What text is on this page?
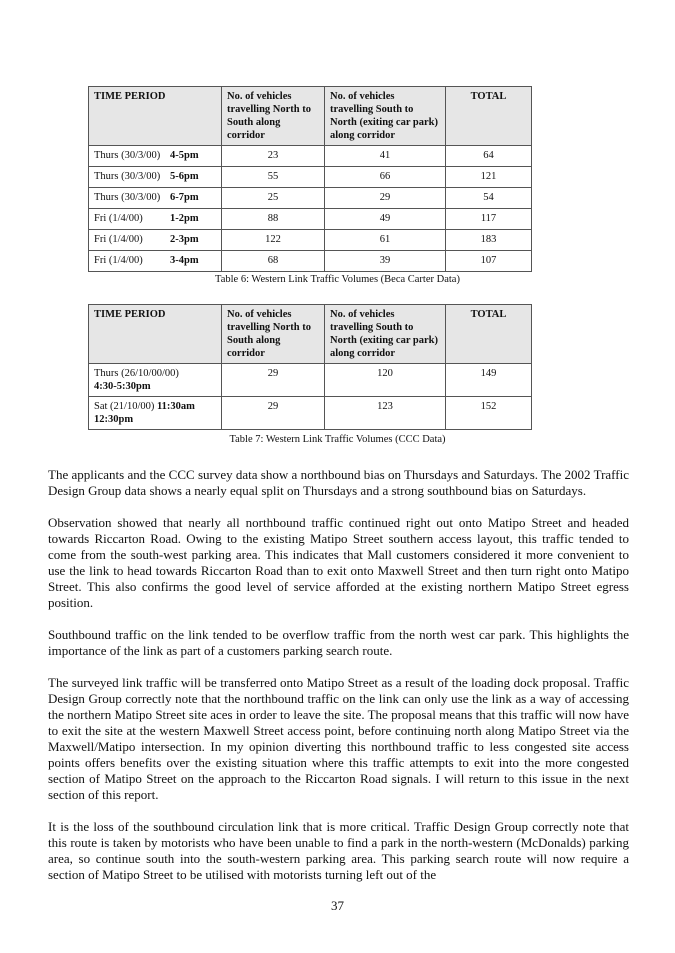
TIME PERIOD	No. of vehicles travelling North to South along corridor	No. of vehicles travelling South to North (exiting car park) along corridor	TOTAL
Thurs (30/3/00) 4-5pm	23	41	64
Thurs (30/3/00) 5-6pm	55	66	121
Thurs (30/3/00) 6-7pm	25	29	54
Fri (1/4/00) 1-2pm	88	49	117
Fri (1/4/00) 2-3pm	122	61	183
Fri (1/4/00) 3-4pm	68	39	107
Table 6: Western Link Traffic Volumes (Beca Carter Data)
TIME PERIOD	No. of vehicles travelling North to South along corridor	No. of vehicles travelling South to North (exiting car park) along corridor	TOTAL
Thurs (26/10/00/00)
4:30-5:30pm	29	120	149
Sat (21/10/00) 11:30am 12:30pm	29	123	152
Table 7: Western Link Traffic Volumes (CCC Data)

The applicants and the CCC survey data show a northbound bias on Thursdays and Saturdays. The 2002 Traffic Design Group data shows a nearly equal split on Thursdays and a strong southbound bias on Saturdays.

Observation showed that nearly all northbound traffic continued right out onto Matipo Street and headed towards Riccarton Road. Owing to the existing Matipo Street southern access layout, this traffic tended to come from the south-west parking area. This indicates that Mall customers considered it more convenient to use the link to head towards Riccarton Road than to exit onto Maxwell Street and then turn right onto Matipo Street. This also confirms the good level of service afforded at the existing northern Matipo Street egress position.

Southbound traffic on the link tended to be overflow traffic from the north west car park. This highlights the importance of the link as part of a customers parking search route.

The surveyed link traffic will be transferred onto Matipo Street as a result of the loading dock proposal. Traffic Design Group correctly note that the northbound traffic on the link can only use the link as a way of accessing the northern Matipo Street site aces in order to leave the site. The proposal means that this traffic will now have to exit the site at the western Maxwell Street access point, before continuing north along Matipo Street via the Maxwell/Matipo intersection. In my opinion diverting this northbound traffic to less congested site access points offers benefits over the existing situation where this traffic attempts to exit into the more congested section of Matipo Street on the approach to the Riccarton Road signals. I will return to this issue in the next section of this report.

It is the loss of the southbound circulation link that is more critical. Traffic Design Group correctly note that this route is taken by motorists who have been unable to find a park in the north-western (McDonalds) parking area, so continue south into the south-western parking area. This parking search route will now require a section of Matipo Street to be utilised with motorists turning left out of the

37
